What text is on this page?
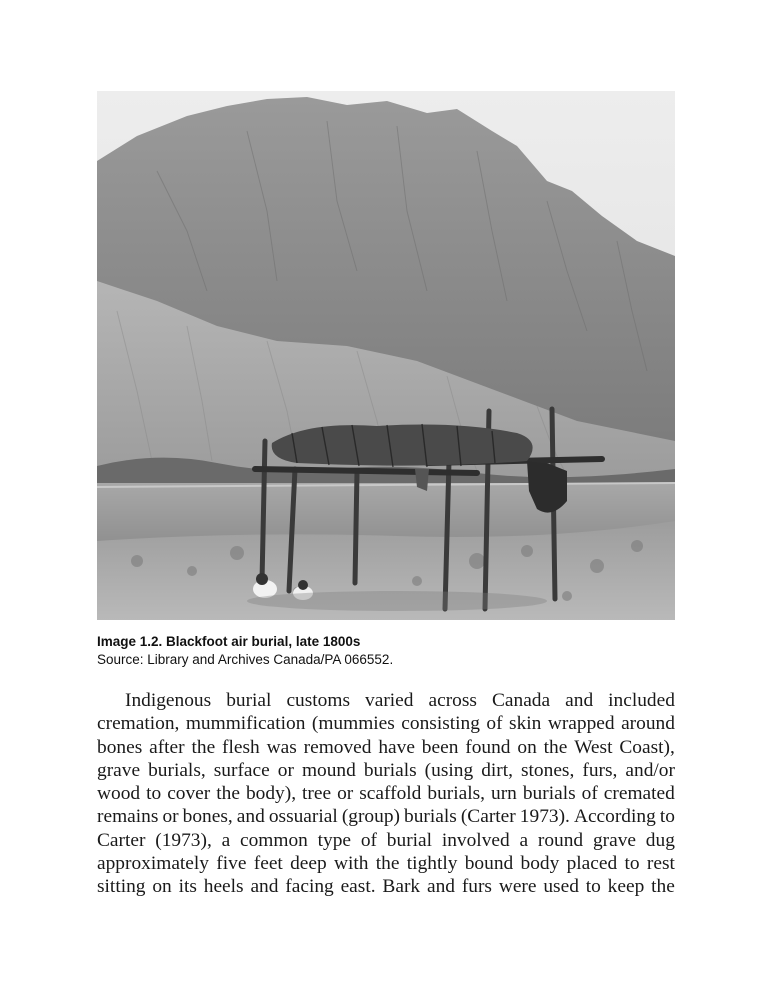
Image 1.2. Blackfoot air burial, late 1800s
Source: Library and Archives Canada/PA 066552.
Indigenous burial customs varied across Canada and included
cremation, mummification (mummies consisting of skin wrapped around
bones after the flesh was removed have been found on the West Coast),
grave burials, surface or mound burials (using dirt, stones, furs, and/or
wood to cover the body), tree or scaffold burials, urn burials of cremated
remains or bones, and ossuarial (group) burials (Carter 1973). According to
Carter (1973), a common type of burial involved a round grave dug
approximately five feet deep with the tightly bound body placed to rest
sitting on its heels and facing east. Bark and furs were used to keep the
